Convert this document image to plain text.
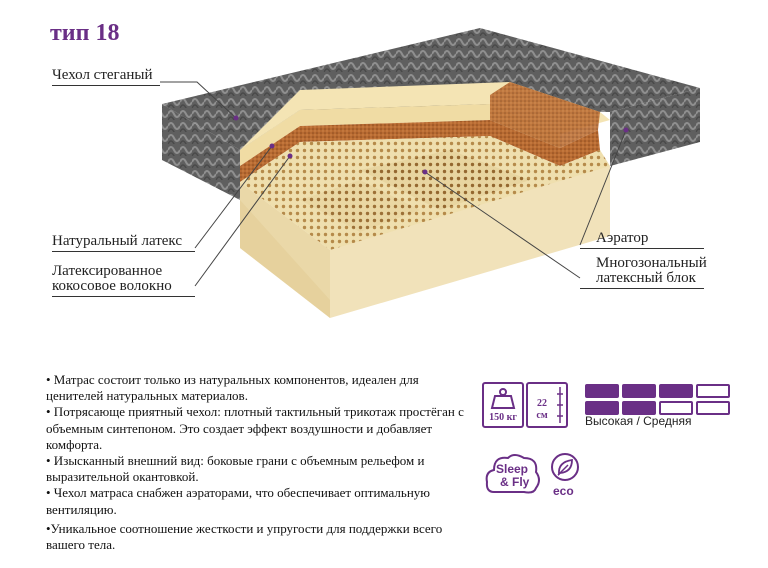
тип 18
Чехол стеганый
Натуральный латекс
Латексированное
кокосовое волокно
Аэратор
Многозональный
латексный блок

• Матрас состоит только из натуральных компонентов, идеален для ценителей натуральных материалов.

• Потрясающе приятный чехол: плотный тактильный трикотаж простёган с объемным синтепоном. Это создает эффект воздушности и добавляет комфорта.

• Изысканный внешний вид: боковые грани с объемным рельефом и выразительной окантовкой.

• Чехол матраса снабжен аэраторами, что обеспечивает оптимальную вентиляцию.

•Уникальное соотношение жесткости и упругости для поддержки всего вашего тела.

150 кг
22
см	Высокая / Средняя
Sleep
& Fly
eco
